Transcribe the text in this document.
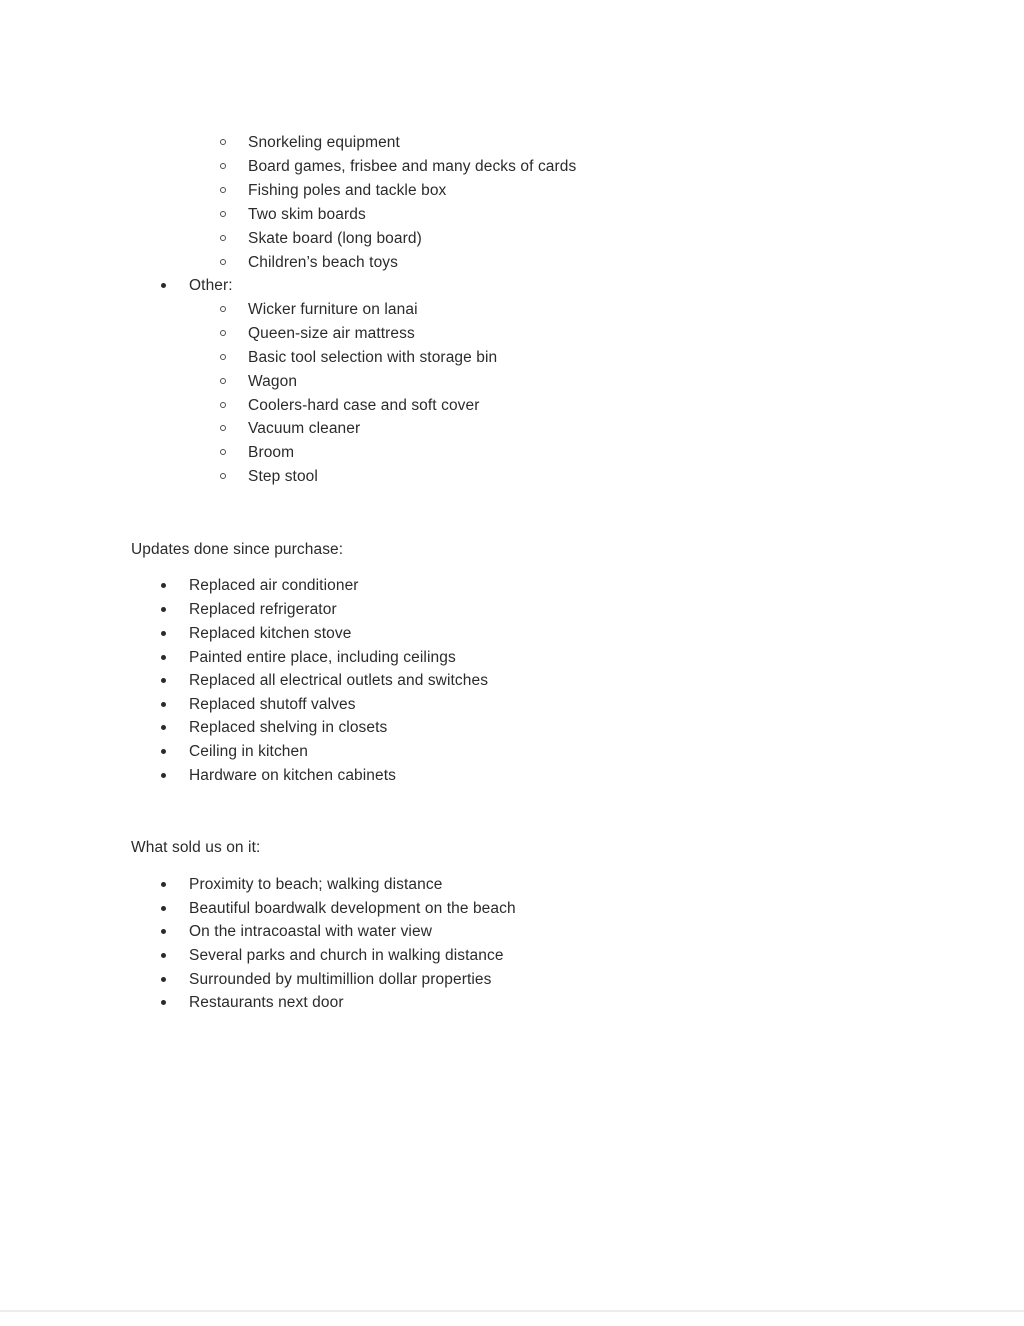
Snorkeling equipment
Board games, frisbee and many decks of cards
Fishing poles and tackle box
Two skim boards
Skate board (long board)
Children’s beach toys
Other:
Wicker furniture on lanai
Queen-size air mattress
Basic tool selection with storage bin
Wagon
Coolers-hard case and soft cover
Vacuum cleaner
Broom
Step stool
Updates done since purchase:
Replaced air conditioner
Replaced refrigerator
Replaced kitchen stove
Painted entire place, including ceilings
Replaced all electrical outlets and switches
Replaced shutoff valves
Replaced shelving in closets
Ceiling in kitchen
Hardware on kitchen cabinets
What sold us on it:
Proximity to beach; walking distance
Beautiful boardwalk development on the beach
On the intracoastal with water view
Several parks and church in walking distance
Surrounded by multimillion dollar properties
Restaurants next door
